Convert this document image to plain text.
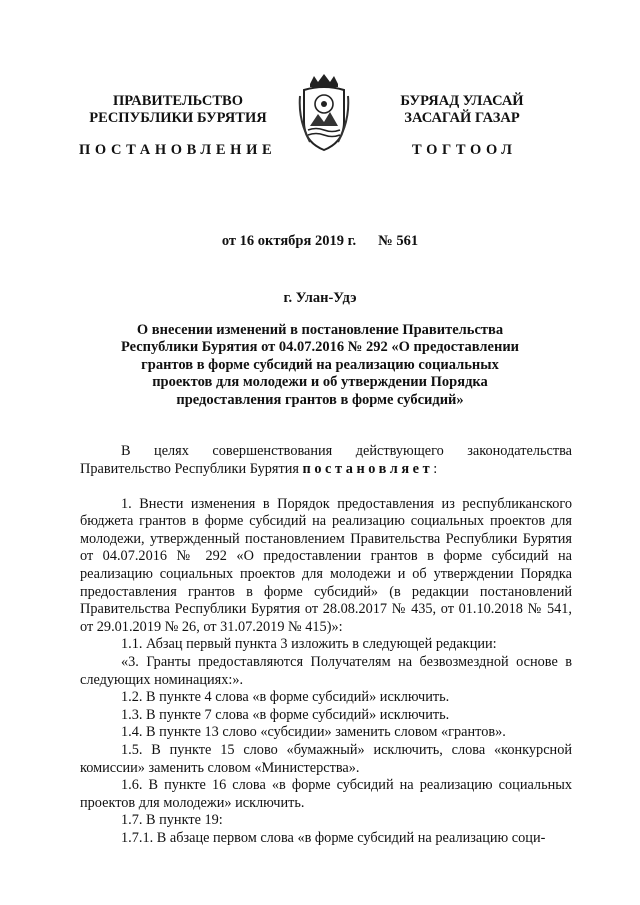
ПРАВИТЕЛЬСТВО
РЕСПУБЛИКИ БУРЯТИЯ
БУРЯАД УЛАСАЙ
ЗАСАГАЙ ГАЗАР
ПОСТАНОВЛЕНИЕ	ТОГТООЛ
от 16 октября 2019 г. № 561
г. Улан-Удэ
О внесении изменений в постановление Правительства
Республики Бурятия от 04.07.2016 № 292 «О предоставлении
грантов в форме субсидий на реализацию социальных
проектов для молодежи и об утверждении Порядка
предоставления грантов в форме субсидий»

В целях совершенствования действующего законодательства Правительство Республики Бурятия постановляет:

1. Внести изменения в Порядок предоставления из республиканского бюджета грантов в форме субсидий на реализацию социальных проектов для молодежи, утвержденный постановлением Правительства Республики Бурятия от 04.07.2016 № 292 «О предоставлении грантов в форме субсидий на реализацию социальных проектов для молодежи и об утверждении Порядка предоставления грантов в форме субсидий» (в редакции постановлений Правительства Республики Бурятия от 28.08.2017 № 435, от 01.10.2018 № 541, от 29.01.2019 № 26, от 31.07.2019 № 415)»:

1.1. Абзац первый пункта 3 изложить в следующей редакции:

«3. Гранты предоставляются Получателям на безвозмездной основе в следующих номинациях:».

1.2. В пункте 4 слова «в форме субсидий» исключить.

1.3. В пункте 7 слова «в форме субсидий» исключить.

1.4. В пункте 13 слово «субсидии» заменить словом «грантов».

1.5. В пункте 15 слово «бумажный» исключить, слова «конкурсной комиссии» заменить словом «Министерства».

1.6. В пункте 16 слова «в форме субсидий на реализацию социальных проектов для молодежи» исключить.

1.7. В пункте 19:

1.7.1. В абзаце первом слова «в форме субсидий на реализацию соци-
